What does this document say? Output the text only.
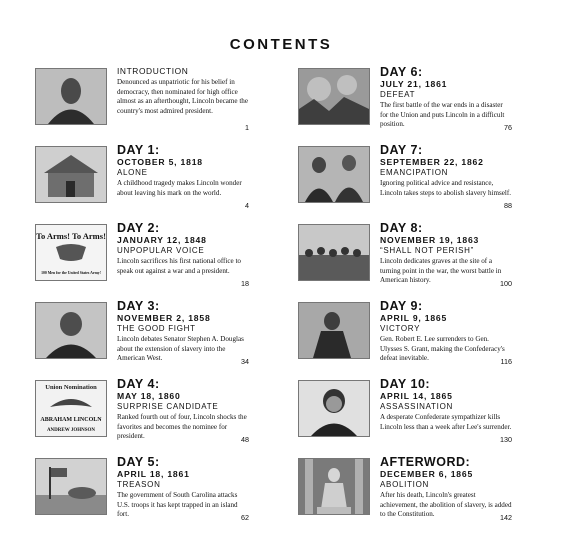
CONTENTS
INTRODUCTION
Denounced as unpatriotic for his belief in democracy, then nominated for high office almost as an afterthought, Lincoln became the country's most admired president.
1
DAY 1:
OCTOBER 5, 1818
ALONE
A childhood tragedy makes Lincoln wonder about leaving his mark on the world.
4
To Arms! To Arms!
100 Men for the United States Army!
DAY 2:
JANUARY 12, 1848
UNPOPULAR VOICE
Lincoln sacrifices his first national office to speak out against a war and a president.
18
DAY 3:
NOVEMBER 2, 1858
THE GOOD FIGHT
Lincoln debates Senator Stephen A. Douglas about the extension of slavery into the American West.	34
Union Nomination
ABRAHAM LINCOLN
ANDREW JOHNSON
DAY 4:
MAY 18, 1860
SURPRISE CANDIDATE
Ranked fourth out of four, Lincoln shocks the favorites and becomes the nominee for president.	48
DAY 5:
APRIL 18, 1861
TREASON
The government of South Carolina attacks U.S. troops it has kept trapped in an island fort.	62
DAY 6:
JULY 21, 1861
DEFEAT
The first battle of the war ends in a disaster for the Union and puts Lincoln in a difficult position.	76
DAY 7:
SEPTEMBER 22, 1862
EMANCIPATION
Ignoring political advice and resistance, Lincoln takes steps to abolish slavery himself.
88
DAY 8:
NOVEMBER 19, 1863
“SHALL NOT PERISH”
Lincoln dedicates graves at the site of a turning point in the war, the worst battle in American history.	100
DAY 9:
APRIL 9, 1865
VICTORY
Gen. Robert E. Lee surrenders to Gen. Ulysses S. Grant, making the Confederacy's defeat inevitable.	116
DAY 10:
APRIL 14, 1865
ASSASSINATION
A desperate Confederate sympathizer kills Lincoln less than a week after Lee's surrender.
130
AFTERWORD:
DECEMBER 6, 1865
ABOLITION
After his death, Lincoln's greatest achievement, the abolition of slavery, is added to the Constitution.	142
